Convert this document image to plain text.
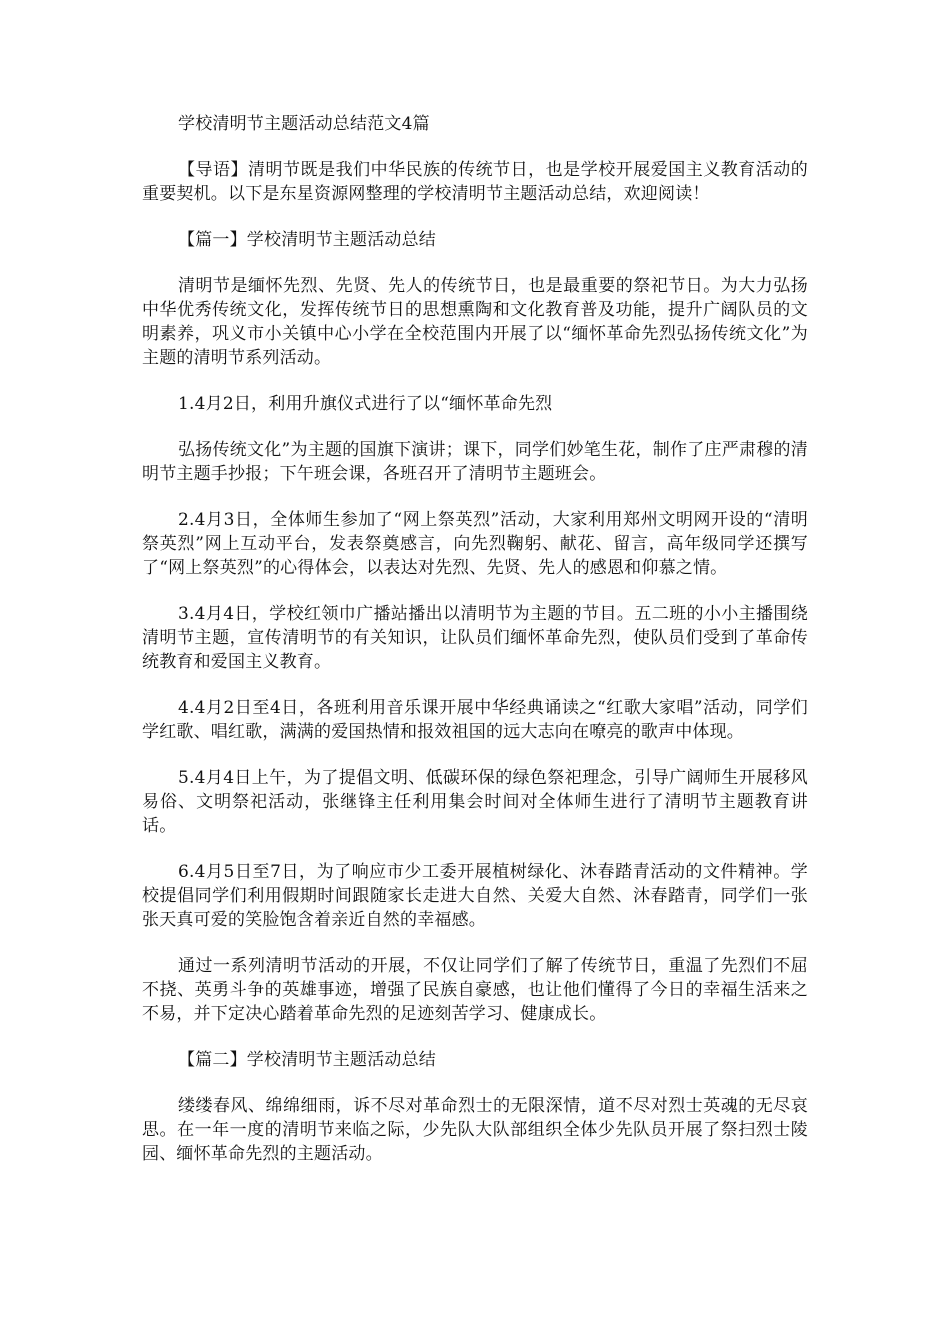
学校清明节主题活动总结范文4篇

【导语】清明节既是我们中华民族的传统节日，也是学校开展爱国主义教育活动的重要契机。以下是东星资源网整理的学校清明节主题活动总结，欢迎阅读！

【篇一】学校清明节主题活动总结

清明节是缅怀先烈、先贤、先人的传统节日，也是最重要的祭祀节日。为大力弘扬中华优秀传统文化，发挥传统节日的思想熏陶和文化教育普及功能，提升广阔队员的文明素养，巩义市小关镇中心小学在全校范围内开展了以“缅怀革命先烈弘扬传统文化”为主题的清明节系列活动。

1.4月2日，利用升旗仪式进行了以“缅怀革命先烈

弘扬传统文化”为主题的国旗下演讲；课下，同学们妙笔生花，制作了庄严肃穆的清明节主题手抄报；下午班会课，各班召开了清明节主题班会。

2.4月3日，全体师生参加了“网上祭英烈”活动，大家利用郑州文明网开设的“清明祭英烈”网上互动平台，发表祭奠感言，向先烈鞠躬、献花、留言，高年级同学还撰写了“网上祭英烈”的心得体会，以表达对先烈、先贤、先人的感恩和仰慕之情。

3.4月4日，学校红领巾广播站播出以清明节为主题的节目。五二班的小小主播围绕清明节主题，宣传清明节的有关知识，让队员们缅怀革命先烈，使队员们受到了革命传统教育和爱国主义教育。

4.4月2日至4日，各班利用音乐课开展中华经典诵读之“红歌大家唱”活动，同学们学红歌、唱红歌，满满的爱国热情和报效祖国的远大志向在嘹亮的歌声中体现。

5.4月4日上午，为了提倡文明、低碳环保的绿色祭祀理念，引导广阔师生开展移风易俗、文明祭祀活动，张继锋主任利用集会时间对全体师生进行了清明节主题教育讲话。

6.4月5日至7日，为了响应市少工委开展植树绿化、沐春踏青活动的文件精神。学校提倡同学们利用假期时间跟随家长走进大自然、关爱大自然、沐春踏青，同学们一张张天真可爱的笑脸饱含着亲近自然的幸福感。

通过一系列清明节活动的开展，不仅让同学们了解了传统节日，重温了先烈们不屈不挠、英勇斗争的英雄事迹，增强了民族自豪感，也让他们懂得了今日的幸福生活来之不易，并下定决心踏着革命先烈的足迹刻苦学习、健康成长。

【篇二】学校清明节主题活动总结

缕缕春风、绵绵细雨，诉不尽对革命烈士的无限深情，道不尽对烈士英魂的无尽哀思。在一年一度的清明节来临之际，少先队大队部组织全体少先队员开展了祭扫烈士陵园、缅怀革命先烈的主题活动。
